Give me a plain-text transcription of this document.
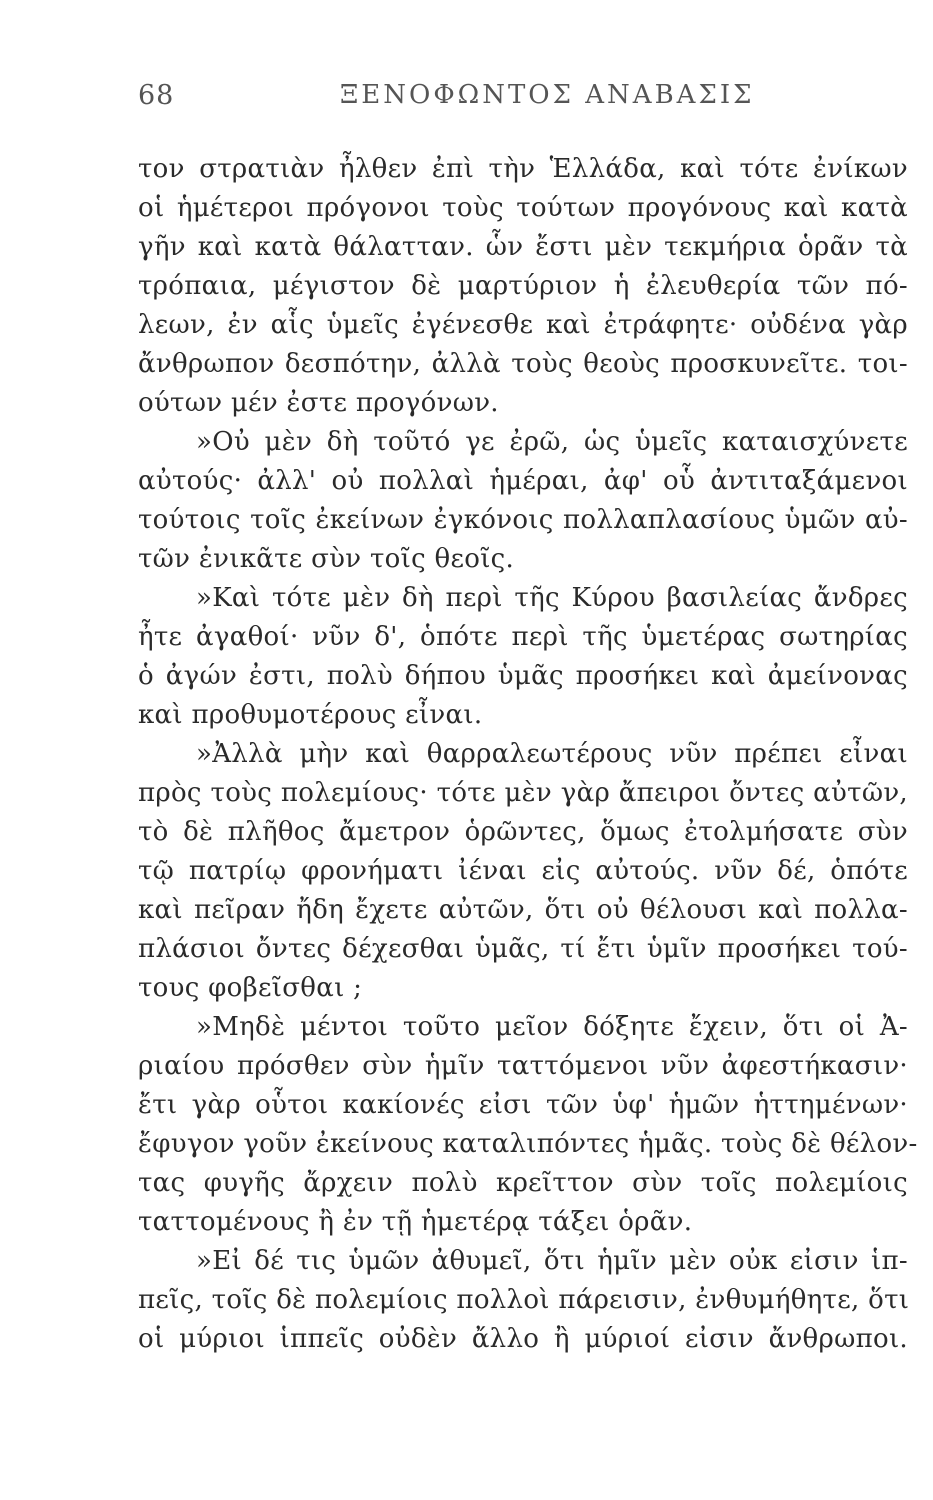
68	ΞΕΝΟΦΩΝΤΟΣ ΑΝΑΒΑΣΙΣ
τον στρατιὰν ἦλθεν ἐπὶ τὴν Ἑλλάδα, καὶ τότε ἐνίκων
οἱ ἡμέτεροι πρόγονοι τοὺς τούτων προγόνους καὶ κατὰ
γῆν καὶ κατὰ θάλατταν. ὧν ἔστι μὲν τεκμήρια ὁρᾶν τὰ
τρόπαια, μέγιστον δὲ μαρτύριον ἡ ἐλευθερία τῶν πό-
λεων, ἐν αἷς ὑμεῖς ἐγένεσθε καὶ ἐτράφητε· οὐδένα γὰρ
ἄνθρωπον δεσπότην, ἀλλὰ τοὺς θεοὺς προσκυνεῖτε. τοι-
ούτων μέν ἐστε προγόνων.
»Οὐ μὲν δὴ τοῦτό γε ἐρῶ, ὡς ὑμεῖς καταισχύνετε
αὐτούς· ἀλλ' οὐ πολλαὶ ἡμέραι, ἀφ' οὗ ἀντιταξάμενοι
τούτοις τοῖς ἐκείνων ἐγκόνοις πολλαπλασίους ὑμῶν αὐ-
τῶν ἐνικᾶτε σὺν τοῖς θεοῖς.
»Καὶ τότε μὲν δὴ περὶ τῆς Κύρου βασιλείας ἄνδρες
ἦτε ἀγαθοί· νῦν δ', ὁπότε περὶ τῆς ὑμετέρας σωτηρίας
ὁ ἀγών ἐστι, πολὺ δήπου ὑμᾶς προσήκει καὶ ἀμείνονας
καὶ προθυμοτέρους εἶναι.
»Ἀλλὰ μὴν καὶ θαρραλεωτέρους νῦν πρέπει εἶναι
πρὸς τοὺς πολεμίους· τότε μὲν γὰρ ἄπειροι ὄντες αὐτῶν,
τὸ δὲ πλῆθος ἄμετρον ὁρῶντες, ὅμως ἐτολμήσατε σὺν
τῷ πατρίῳ φρονήματι ἰέναι εἰς αὐτούς. νῦν δέ, ὁπότε
καὶ πεῖραν ἤδη ἔχετε αὐτῶν, ὅτι οὐ θέλουσι καὶ πολλα-
πλάσιοι ὄντες δέχεσθαι ὑμᾶς, τί ἔτι ὑμῖν προσήκει τού-
τους φοβεῖσθαι ;
»Μηδὲ μέντοι τοῦτο μεῖον δόξητε ἔχειν, ὅτι οἱ Ἀ-
ριαίου πρόσθεν σὺν ἡμῖν ταττόμενοι νῦν ἀφεστήκασιν·
ἔτι γὰρ οὗτοι κακίονές εἰσι τῶν ὑφ' ἡμῶν ἡττημένων·
ἔφυγον γοῦν ἐκείνους καταλιπόντες ἡμᾶς. τοὺς δὲ θέλον-
τας φυγῆς ἄρχειν πολὺ κρεῖττον σὺν τοῖς πολεμίοις
ταττομένους ἢ ἐν τῇ ἡμετέρᾳ τάξει ὁρᾶν.
»Εἰ δέ τις ὑμῶν ἀθυμεῖ, ὅτι ἡμῖν μὲν οὐκ εἰσιν ἱπ-
πεῖς, τοῖς δὲ πολεμίοις πολλοὶ πάρεισιν, ἐνθυμήθητε, ὅτι
οἱ μύριοι ἱππεῖς οὐδὲν ἄλλο ἢ μύριοί εἰσιν ἄνθρωποι.
